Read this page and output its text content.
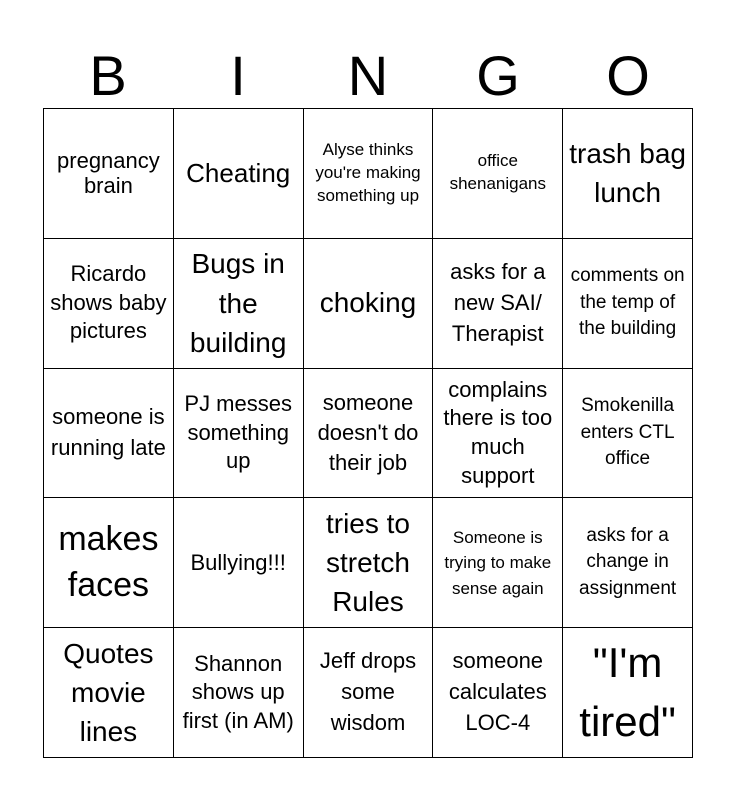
B	I	N	G	O
pregnancy brain	Cheating
Alyse thinks you're making something up
office shenanigans
trash bag lunch
Ricardo shows baby pictures
Bugs in the building
choking
asks for a new SAI/ Therapist
comments on the temp of the building
someone is running late
PJ messes something up
someone doesn't do their job
complains there is too much support
Smokenilla enters CTL office
makes faces
Bullying!!!
tries to stretch Rules
Someone is trying to make sense again
asks for a change in assignment
Quotes movie lines
Shannon shows up first (in AM)
Jeff drops some wisdom
someone calculates LOC-4
"I'm tired"
